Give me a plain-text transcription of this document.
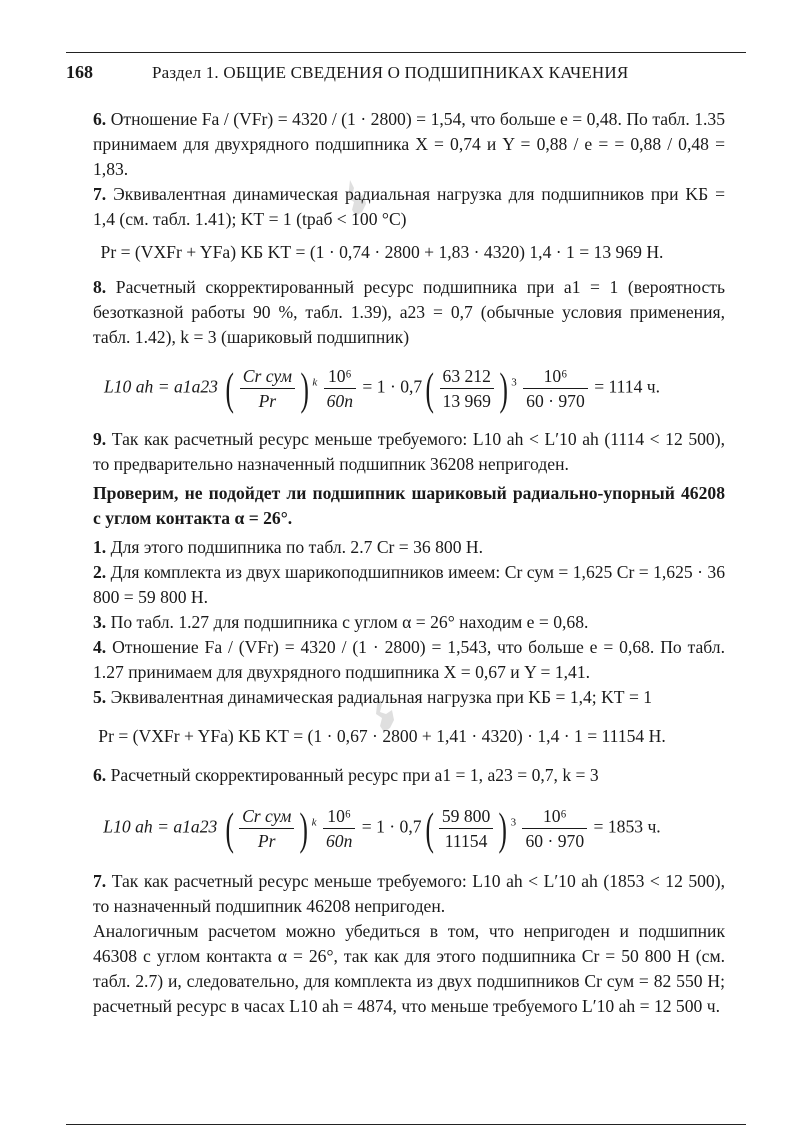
168	Раздел 1. ОБЩИЕ СВЕДЕНИЯ О ПОДШИПНИКАХ КАЧЕНИЯ

6. Отношение Fa / (VFr) = 4320 / (1 · 2800) = 1,54, что больше e = 0,48. По табл. 1.35 принимаем для двухрядного подшипника X = 0,74 и Y = 0,88 / e = = 0,88 / 0,48 = 1,83.

7. Эквивалентная динамическая радиальная нагрузка для подшипников при KБ = 1,4 (см. табл. 1.41); KТ = 1 (tраб < 100 °С)

Pr = (VXFr + YFa) KБ KТ = (1 · 0,74 · 2800 + 1,83 · 4320) 1,4 · 1 = 13 969 Н.

8. Расчетный скорректированный ресурс подшипника при a1 = 1 (вероятность безотказной работы 90 %, табл. 1.39), a23 = 0,7 (обычные условия применения, табл. 1.42), k = 3 (шариковый подшипник)

L10 ah = a1a23 ( $\frac{\text{Cr сум}}{Pr}$ ) $^k \frac{\text{10⁶}}{60n} = 1 \cdot 0,7( \frac{63 212}{13 969}$ ) $^3 \frac{\text{10⁶}}{60 \cdot 970} = 1114$ ч.

9. Так как расчетный ресурс меньше требуемого: L10 ah < L′10 ah (1114 < 12 500), то предварительно назначенный подшипник 36208 непригоден.

Проверим, не подойдет ли подшипник шариковый радиально-упорный 46208 с углом контакта α = 26°.

1. Для этого подшипника по табл. 2.7 Cr = 36 800 Н.

2. Для комплекта из двух шарикоподшипников имеем: Cr сум = 1,625 Cr = 1,625 · 36 800 = 59 800 Н.

3. По табл. 1.27 для подшипника с углом α = 26° находим e = 0,68.

4. Отношение Fa / (VFr) = 4320 / (1 · 2800) = 1,543, что больше e = 0,68. По табл. 1.27 принимаем для двухрядного подшипника X = 0,67 и Y = 1,41.

5. Эквивалентная динамическая радиальная нагрузка при KБ = 1,4; KТ = 1

Pr = (VXFr + YFa) KБ KТ = (1 · 0,67 · 2800 + 1,41 · 4320) · 1,4 · 1 = 11154 Н.

6. Расчетный скорректированный ресурс при a1 = 1, a23 = 0,7, k = 3

L10 ah = a1a23 ( $\frac{\text{Cr сум}}{Pr}$ ) $^k \frac{\text{10⁶}}{60n} = 1 \cdot 0,7( \frac{59 800}{11154}$ ) $^3 \frac{\text{10⁶}}{60 \cdot 970} = 1853$ ч.

7. Так как расчетный ресурс меньше требуемого: L10 ah < L′10 ah (1853 < 12 500), то назначенный подшипник 46208 непригоден.

Аналогичным расчетом можно убедиться в том, что непригоден и подшипник 46308 с углом контакта α = 26°, так как для этого подшипника Cr = 50 800 Н (см. табл. 2.7) и, следовательно, для комплекта из двух подшипников Cr сум = 82 550 Н; расчетный ресурс в часах L10 ah = 4874, что меньше требуемого L′10 ah = 12 500 ч.
